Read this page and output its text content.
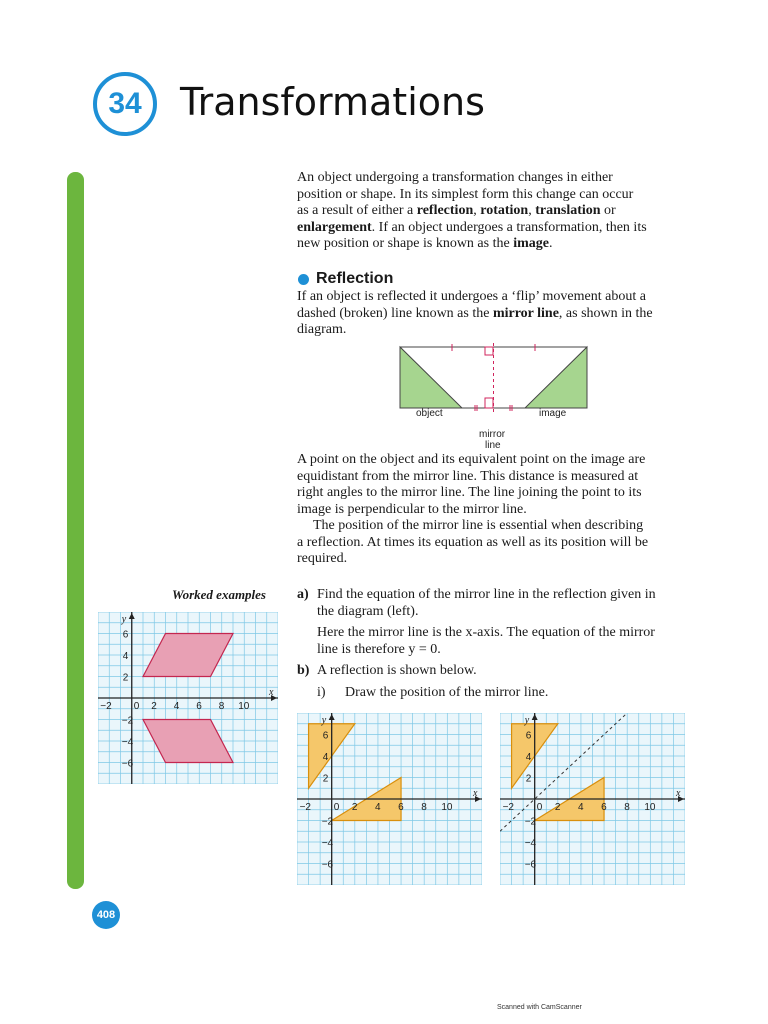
34 Transformations
An object undergoing a transformation changes in either
position or shape. In its simplest form this change can occur
as a result of either a reflection, rotation, translation or
enlargement. If an object undergoes a transformation, then its
new position or shape is known as the image.
Reflection
If an object is reflected it undergoes a ‘flip’ movement about a
dashed (broken) line known as the mirror line, as shown in the
diagram.
object	image
mirror
line
A point on the object and its equivalent point on the image are
equidistant from the mirror line. This distance is measured at
right angles to the mirror line. The line joining the point to its
image is perpendicular to the mirror line.
The position of the mirror line is essential when describing
a reflection. At times its equation as well as its position will be
required.
Worked examples a) Find the equation of the mirror line in the reflection given in
the diagram (left).
Here the mirror line is the x-axis. The equation of the mirror
line is therefore y = 0.
b) A reflection is shown below.
i)	Draw the position of the mirror line.
x
y
−2 0 2 4 6 8 10
2
4
6
−2
−4
−6
x
y
−2 0 2 4 6 8 10
2
4
6
−2
−4
−6
x
y
−2 0 2 4 6 8 10
2
4
6
−2
−4
−6
408
Scanned with CamScanner
